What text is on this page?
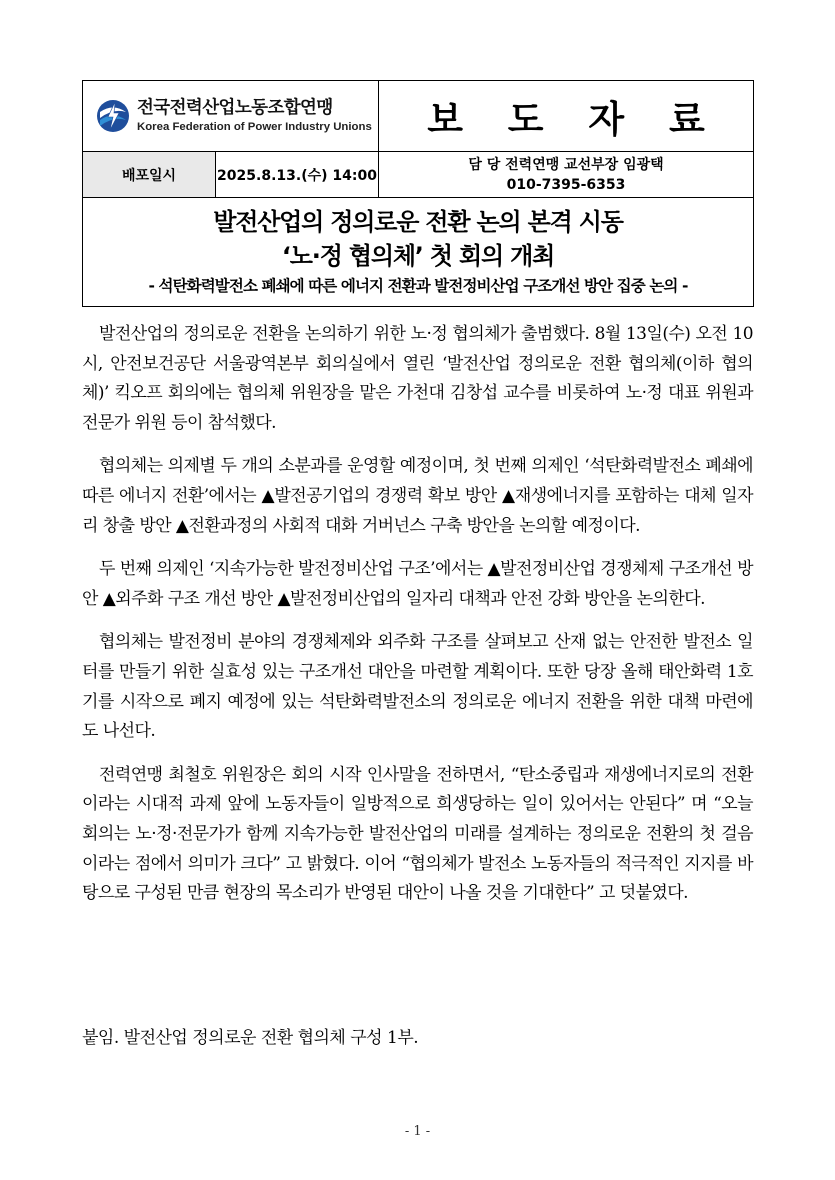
전국전력산업노동조합연맹
Korea Federation of Power Industry Unions		보 도 자 료
배포일시	2025.8.13.(수) 14:00	담 당 전력연맹 교선부장 임광택
010-7395-6353

발전산업의 정의로운 전환 논의 본격 시동
‘노·정 협의체’ 첫 회의 개최
- 석탄화력발전소 폐쇄에 따른 에너지 전환과 발전정비산업 구조개선 방안 집중 논의 -		

발전산업의 정의로운 전환을 논의하기 위한 노·정 협의체가 출범했다. 8월 13일(수) 오전 10시, 안전보건공단 서울광역본부 회의실에서 열린 ‘발전산업 정의로운 전환 협의체(이하 협의체)’ 킥오프 회의에는 협의체 위원장을 맡은 가천대 김창섭 교수를 비롯하여 노·정 대표 위원과 전문가 위원 등이 참석했다.

협의체는 의제별 두 개의 소분과를 운영할 예정이며, 첫 번째 의제인 ‘석탄화력발전소 폐쇄에 따른 에너지 전환’에서는 ▲발전공기업의 경쟁력 확보 방안 ▲재생에너지를 포함하는 대체 일자리 창출 방안 ▲전환과정의 사회적 대화 거버넌스 구축 방안을 논의할 예정이다.

두 번째 의제인 ‘지속가능한 발전정비산업 구조’에서는 ▲발전정비산업 경쟁체제 구조개선 방안 ▲외주화 구조 개선 방안 ▲발전정비산업의 일자리 대책과 안전 강화 방안을 논의한다.

협의체는 발전정비 분야의 경쟁체제와 외주화 구조를 살펴보고 산재 없는 안전한 발전소 일터를 만들기 위한 실효성 있는 구조개선 대안을 마련할 계획이다. 또한 당장 올해 태안화력 1호기를 시작으로 폐지 예정에 있는 석탄화력발전소의 정의로운 에너지 전환을 위한 대책 마련에도 나선다.

전력연맹 최철호 위원장은 회의 시작 인사말을 전하면서, “탄소중립과 재생에너지로의 전환이라는 시대적 과제 앞에 노동자들이 일방적으로 희생당하는 일이 있어서는 안된다” 며 “오늘 회의는 노·정·전문가가 함께 지속가능한 발전산업의 미래를 설계하는 정의로운 전환의 첫 걸음이라는 점에서 의미가 크다” 고 밝혔다. 이어 “협의체가 발전소 노동자들의 적극적인 지지를 바탕으로 구성된 만큼 현장의 목소리가 반영된 대안이 나올 것을 기대한다” 고 덧붙였다.

붙임. 발전산업 정의로운 전환 협의체 구성 1부.
- 1 -
